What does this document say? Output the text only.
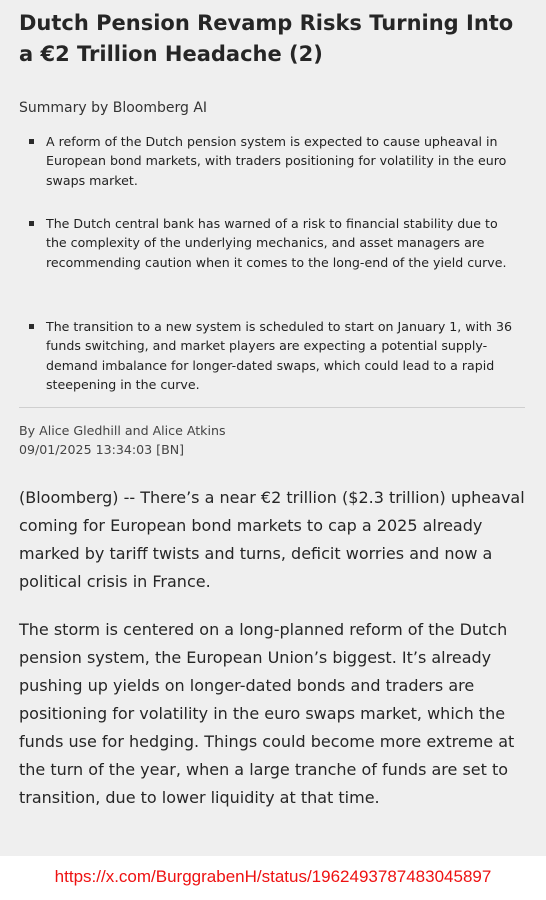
Dutch Pension Revamp Risks Turning Into a €2 Trillion Headache (2)
Summary by Bloomberg AI
A reform of the Dutch pension system is expected to cause upheaval in European bond markets, with traders positioning for volatility in the euro swaps market.
The Dutch central bank has warned of a risk to financial stability due to the complexity of the underlying mechanics, and asset managers are recommending caution when it comes to the long-end of the yield curve.
The transition to a new system is scheduled to start on January 1, with 36 funds switching, and market players are expecting a potential supply-demand imbalance for longer-dated swaps, which could lead to a rapid steepening in the curve.
By Alice Gledhill and Alice Atkins
09/01/2025 13:34:03 [BN]

(Bloomberg) -- There’s a near €2 trillion ($2.3 trillion) upheaval coming for European bond markets to cap a 2025 already marked by tariff twists and turns, deficit worries and now a political crisis in France.

The storm is centered on a long-planned reform of the Dutch pension system, the European Union’s biggest. It’s already pushing up yields on longer-dated bonds and traders are positioning for volatility in the euro swaps market, which the funds use for hedging. Things could become more extreme at the turn of the year, when a large tranche of funds are set to transition, due to lower liquidity at that time.

https://x.com/BurggrabenH/status/1962493787483045897
